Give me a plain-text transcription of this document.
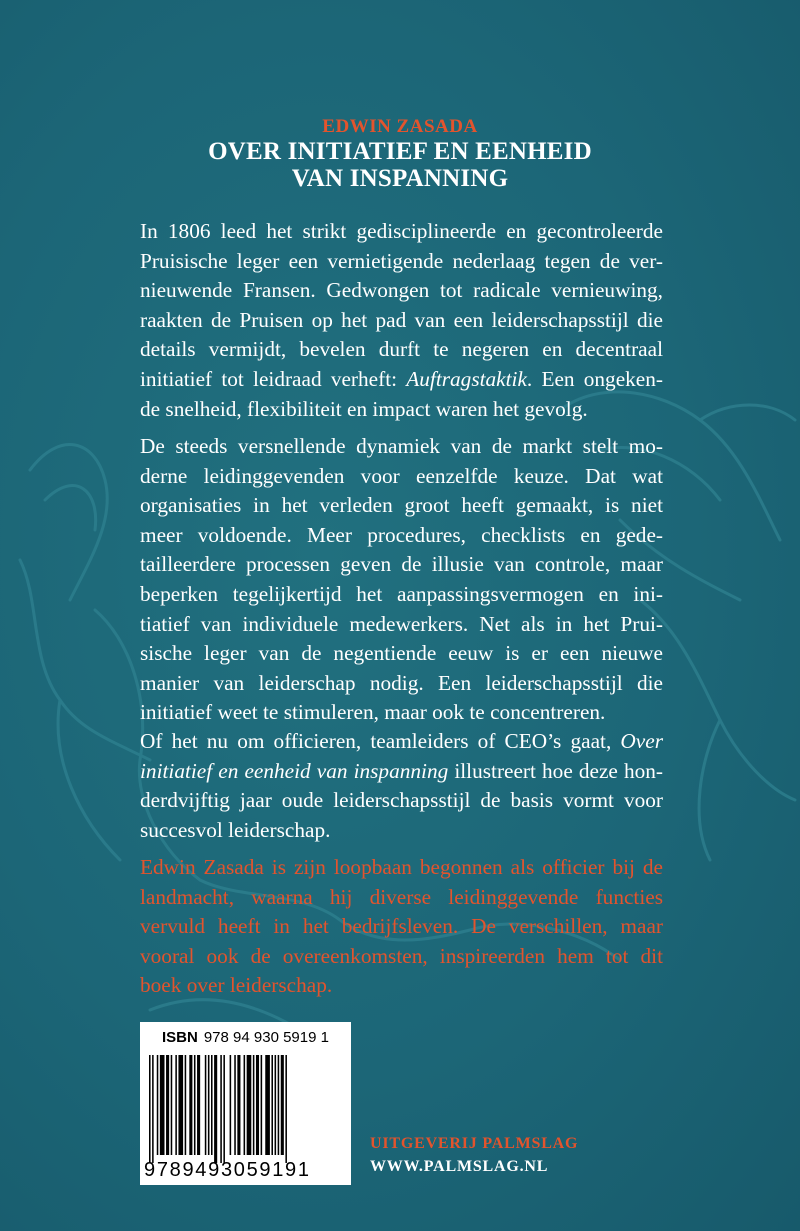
EDWIN ZASADA
OVER INITIATIEF EN EENHEID
VAN INSPANNING
In 1806 leed het strikt gedisciplineerde en gecontroleerde
Pruisische leger een vernietigende nederlaag tegen de ver-
nieuwende Fransen. Gedwongen tot radicale vernieuwing,
raakten de Pruisen op het pad van een leiderschapsstijl die
details vermijdt, bevelen durft te negeren en decentraal
initiatief tot leidraad verheft: Auftragstaktik. Een ongeken-
de snelheid, flexibiliteit en impact waren het gevolg.
De steeds versnellende dynamiek van de markt stelt mo-
derne leidinggevenden voor eenzelfde keuze. Dat wat
organisaties in het verleden groot heeft gemaakt, is niet
meer voldoende. Meer procedures, checklists en gede-
tailleerdere processen geven de illusie van controle, maar
beperken tegelijkertijd het aanpassingsvermogen en ini-
tiatief van individuele medewerkers. Net als in het Prui-
sische leger van de negentiende eeuw is er een nieuwe
manier van leiderschap nodig. Een leiderschapsstijl die
initiatief weet te stimuleren, maar ook te concentreren.
Of het nu om officieren, teamleiders of CEO’s gaat, Over
initiatief en eenheid van inspanning illustreert hoe deze hon-
derdvijftig jaar oude leiderschapsstijl de basis vormt voor
succesvol leiderschap.
Edwin Zasada is zijn loopbaan begonnen als officier bij de
landmacht, waarna hij diverse leidinggevende functies
vervuld heeft in het bedrijfsleven. De verschillen, maar
vooral ook de overeenkomsten, inspireerden hem tot dit
boek over leiderschap.
ISBN 978 94 930 5919 1
9789493059191
UITGEVERIJ PALMSLAG
WWW.PALMSLAG.NL
